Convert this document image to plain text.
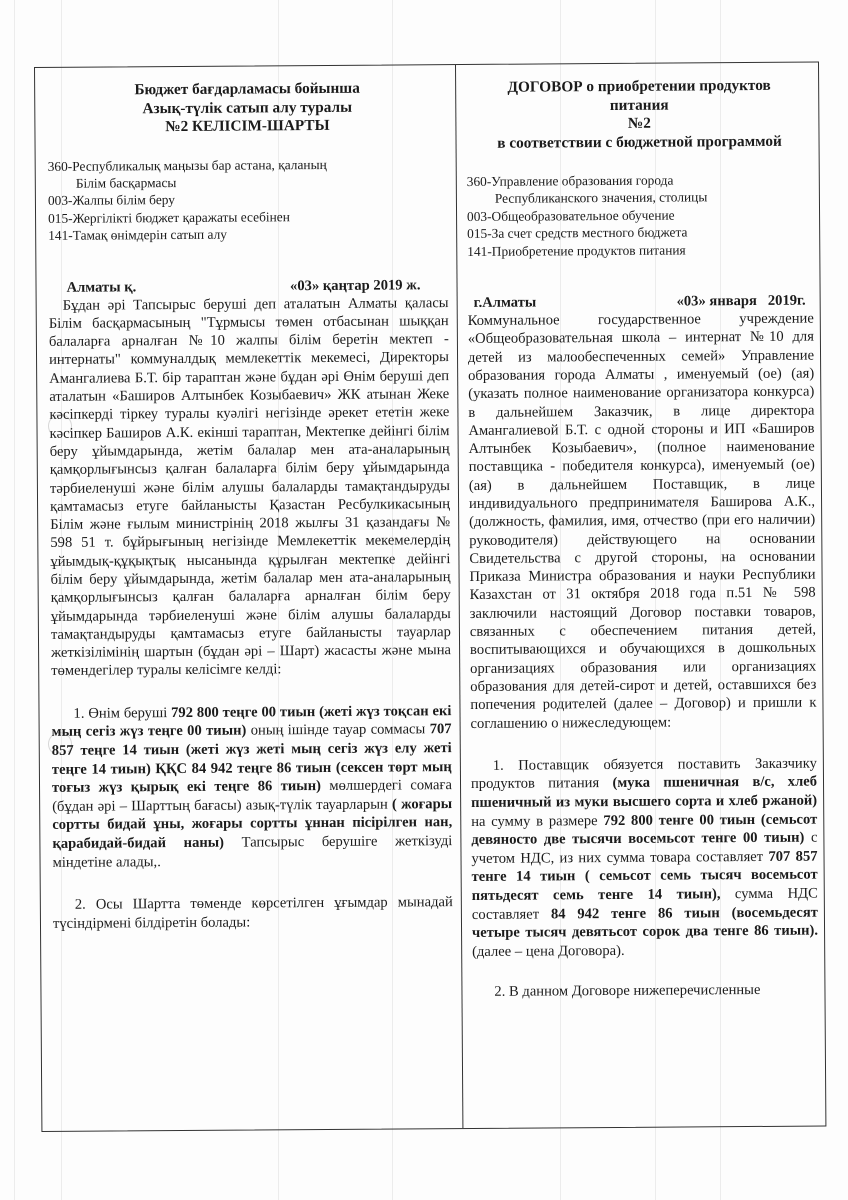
Бюджет бағдарламасы бойынша
Азық-түлік сатып алу туралы
№2 КЕЛІСІМ-ШАРТЫ
360-Республикалық маңызы бар астана, қаланың
Білім басқармасы
003-Жалпы білім беру
015-Жергілікті бюджет қаражаты есебінен
141-Тамақ өнімдерін сатып алу
Алматы қ.	«03» қаңтар 2019 ж.

Бұдан әрі Тапсырыс беруші деп аталатын Алматы қаласы Білім басқармасының "Тұрмысы төмен отбасынан шыққан балаларға арналған №10 жалпы білім беретін мектеп - интернаты" коммуналдық мемлекеттік мекемесі, Директоры Амангалиева Б.Т. бір тараптан және бұдан әрі Өнім беруші деп аталатын «Баширов Алтынбек Козыбаевич» ЖК атынан Жеке кәсіпкерді тіркеу туралы куәлігі негізінде әрекет ететін жеке кәсіпкер Баширов А.К. екінші тараптан, Мектепке дейінгі білім беру ұйымдарында, жетім балалар мен ата-аналарының қамқорлығынсыз қалған балаларға білім беру ұйымдарында тәрбиеленуші және білім алушы балаларды тамақтандыруды қамтамасыз етуге байланысты Қазастан Ресбулкикасының Білім және ғылым министрінің 2018 жылғы 31 қазандағы № 598 51 т. бұйрығының негізінде Мемлекеттік мекемелердің ұйымдық-құқықтық нысанында құрылған мектепке дейінгі білім беру ұйымдарында, жетім балалар мен ата-аналарының қамқорлығынсыз қалған балаларға арналған білім беру ұйымдарында тәрбиеленуші және білім алушы балаларды тамақтандыруды қамтамасыз етуге байланысты тауарлар жеткізілімінің шартын (бұдан әрі – Шарт) жасасты және мына төмендегілер туралы келісімге келді:

1. Өнім беруші 792 800 теңге 00 тиын (жеті жүз тоқсан екі мың сегіз жүз теңге 00 тиын) оның ішінде тауар соммасы 707 857 теңге 14 тиын (жеті жүз жеті мың сегіз жүз елу жеті теңге 14 тиын) ҚҚС 84 942 теңге 86 тиын (сексен төрт мың тоғыз жүз қырық екі теңге 86 тиын) мөлшердегі сомаға (бұдан әрі – Шарттың бағасы) азық-түлік тауарларын ( жоғары сортты бидай ұны, жоғары сортты ұннан пісірілген нан, қарабидай-бидай наны) Тапсырыс берушіге жеткізуді міндетіне алады,.

2. Осы Шартта төменде көрсетілген ұғымдар мынадай түсіндірмені білдіретін болады:

ДОГОВОР о приобретении продуктов
питания
№2
в соответствии с бюджетной программой
360-Управление образования города
Республиканского значения, столицы
003-Общеобразовательное обучение
015-За счет средств местного бюджета
141-Приобретение продуктов питания
г.Алматы	«03» января   2019г.

Коммунальное государственное учреждение «Общеобразовательная школа – интернат №10 для детей из малообеспеченных семей» Управление образования города Алматы , именуемый (ое) (ая) (указать полное наименование организатора конкурса) в дальнейшем Заказчик, в лице директора Амангалиевой Б.Т. с одной стороны и ИП «Баширов Алтынбек Козыбаевич», (полное наименование поставщика - победителя конкурса), именуемый (ое) (ая) в дальнейшем Поставщик, в лице индивидуального предпринимателя Баширова А.К., (должность, фамилия, имя, отчество (при его наличии) руководителя) действующего на основании Свидетельства с другой стороны, на основании Приказа Министра образования и науки Республики Казахстан от 31 октября 2018 года п.51 № 598 заключили настоящий Договор поставки товаров, связанных с обеспечением питания детей, воспитывающихся и обучающихся в дошкольных организациях образования или организациях образования для детей-сирот и детей, оставшихся без попечения родителей (далее – Договор) и пришли к соглашению о нижеследующем:

1. Поставщик обязуется поставить Заказчику продуктов питания (мука пшеничная в/с, хлеб пшеничный из муки высшего сорта и хлеб ржаной) на сумму в размере 792 800 тенге 00 тиын (семьсот девяносто две тысячи восемьсот тенге 00 тиын) с учетом НДС, из них сумма товара составляет 707 857 тенге 14 тиын ( семьсот семь тысяч восемьсот пятьдесят семь тенге 14 тиын), сумма НДС составляет 84 942 тенге 86 тиын (восемьдесят четыре тысяч девятьсот сорок два тенге 86 тиын). (далее – цена Договора).

2. В данном Договоре нижеперечисленные
